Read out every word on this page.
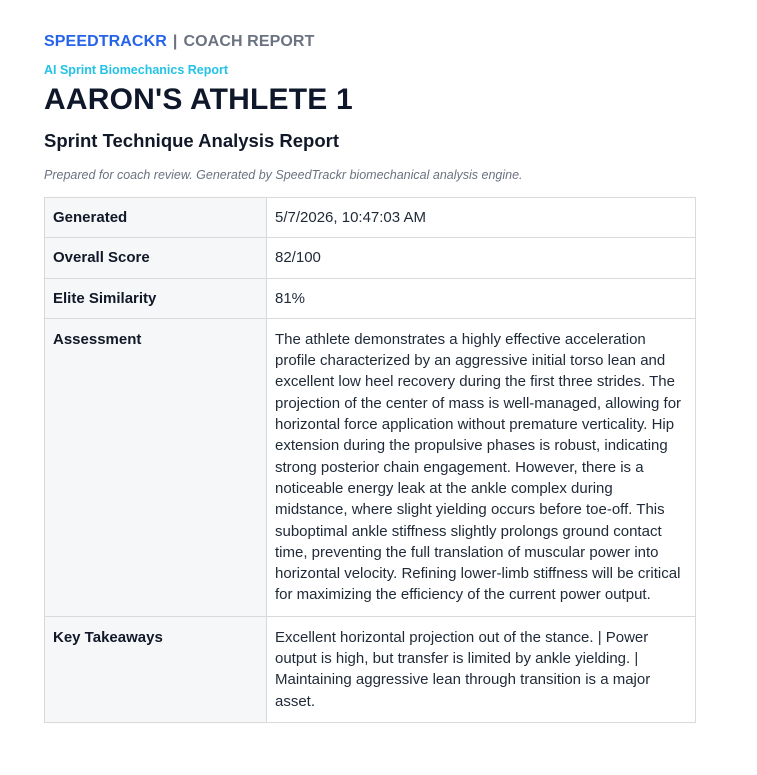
SPEEDTRACKR | COACH REPORT
AI Sprint Biomechanics Report
AARON'S ATHLETE 1
Sprint Technique Analysis Report
Prepared for coach review. Generated by SpeedTrackr biomechanical analysis engine.
Generated	5/7/2026, 10:47:03 AM
Overall Score	82/100
Elite Similarity	81%
Assessment	The athlete demonstrates a highly effective acceleration profile characterized by an aggressive initial torso lean and excellent low heel recovery during the first three strides. The projection of the center of mass is well-managed, allowing for horizontal force application without premature verticality. Hip extension during the propulsive phases is robust, indicating strong posterior chain engagement. However, there is a noticeable energy leak at the ankle complex during midstance, where slight yielding occurs before toe-off. This suboptimal ankle stiffness slightly prolongs ground contact time, preventing the full translation of muscular power into horizontal velocity. Refining lower-limb stiffness will be critical for maximizing the efficiency of the current power output.
Key Takeaways	Excellent horizontal projection out of the stance. | Power output is high, but transfer is limited by ankle yielding. | Maintaining aggressive lean through transition is a major asset.
